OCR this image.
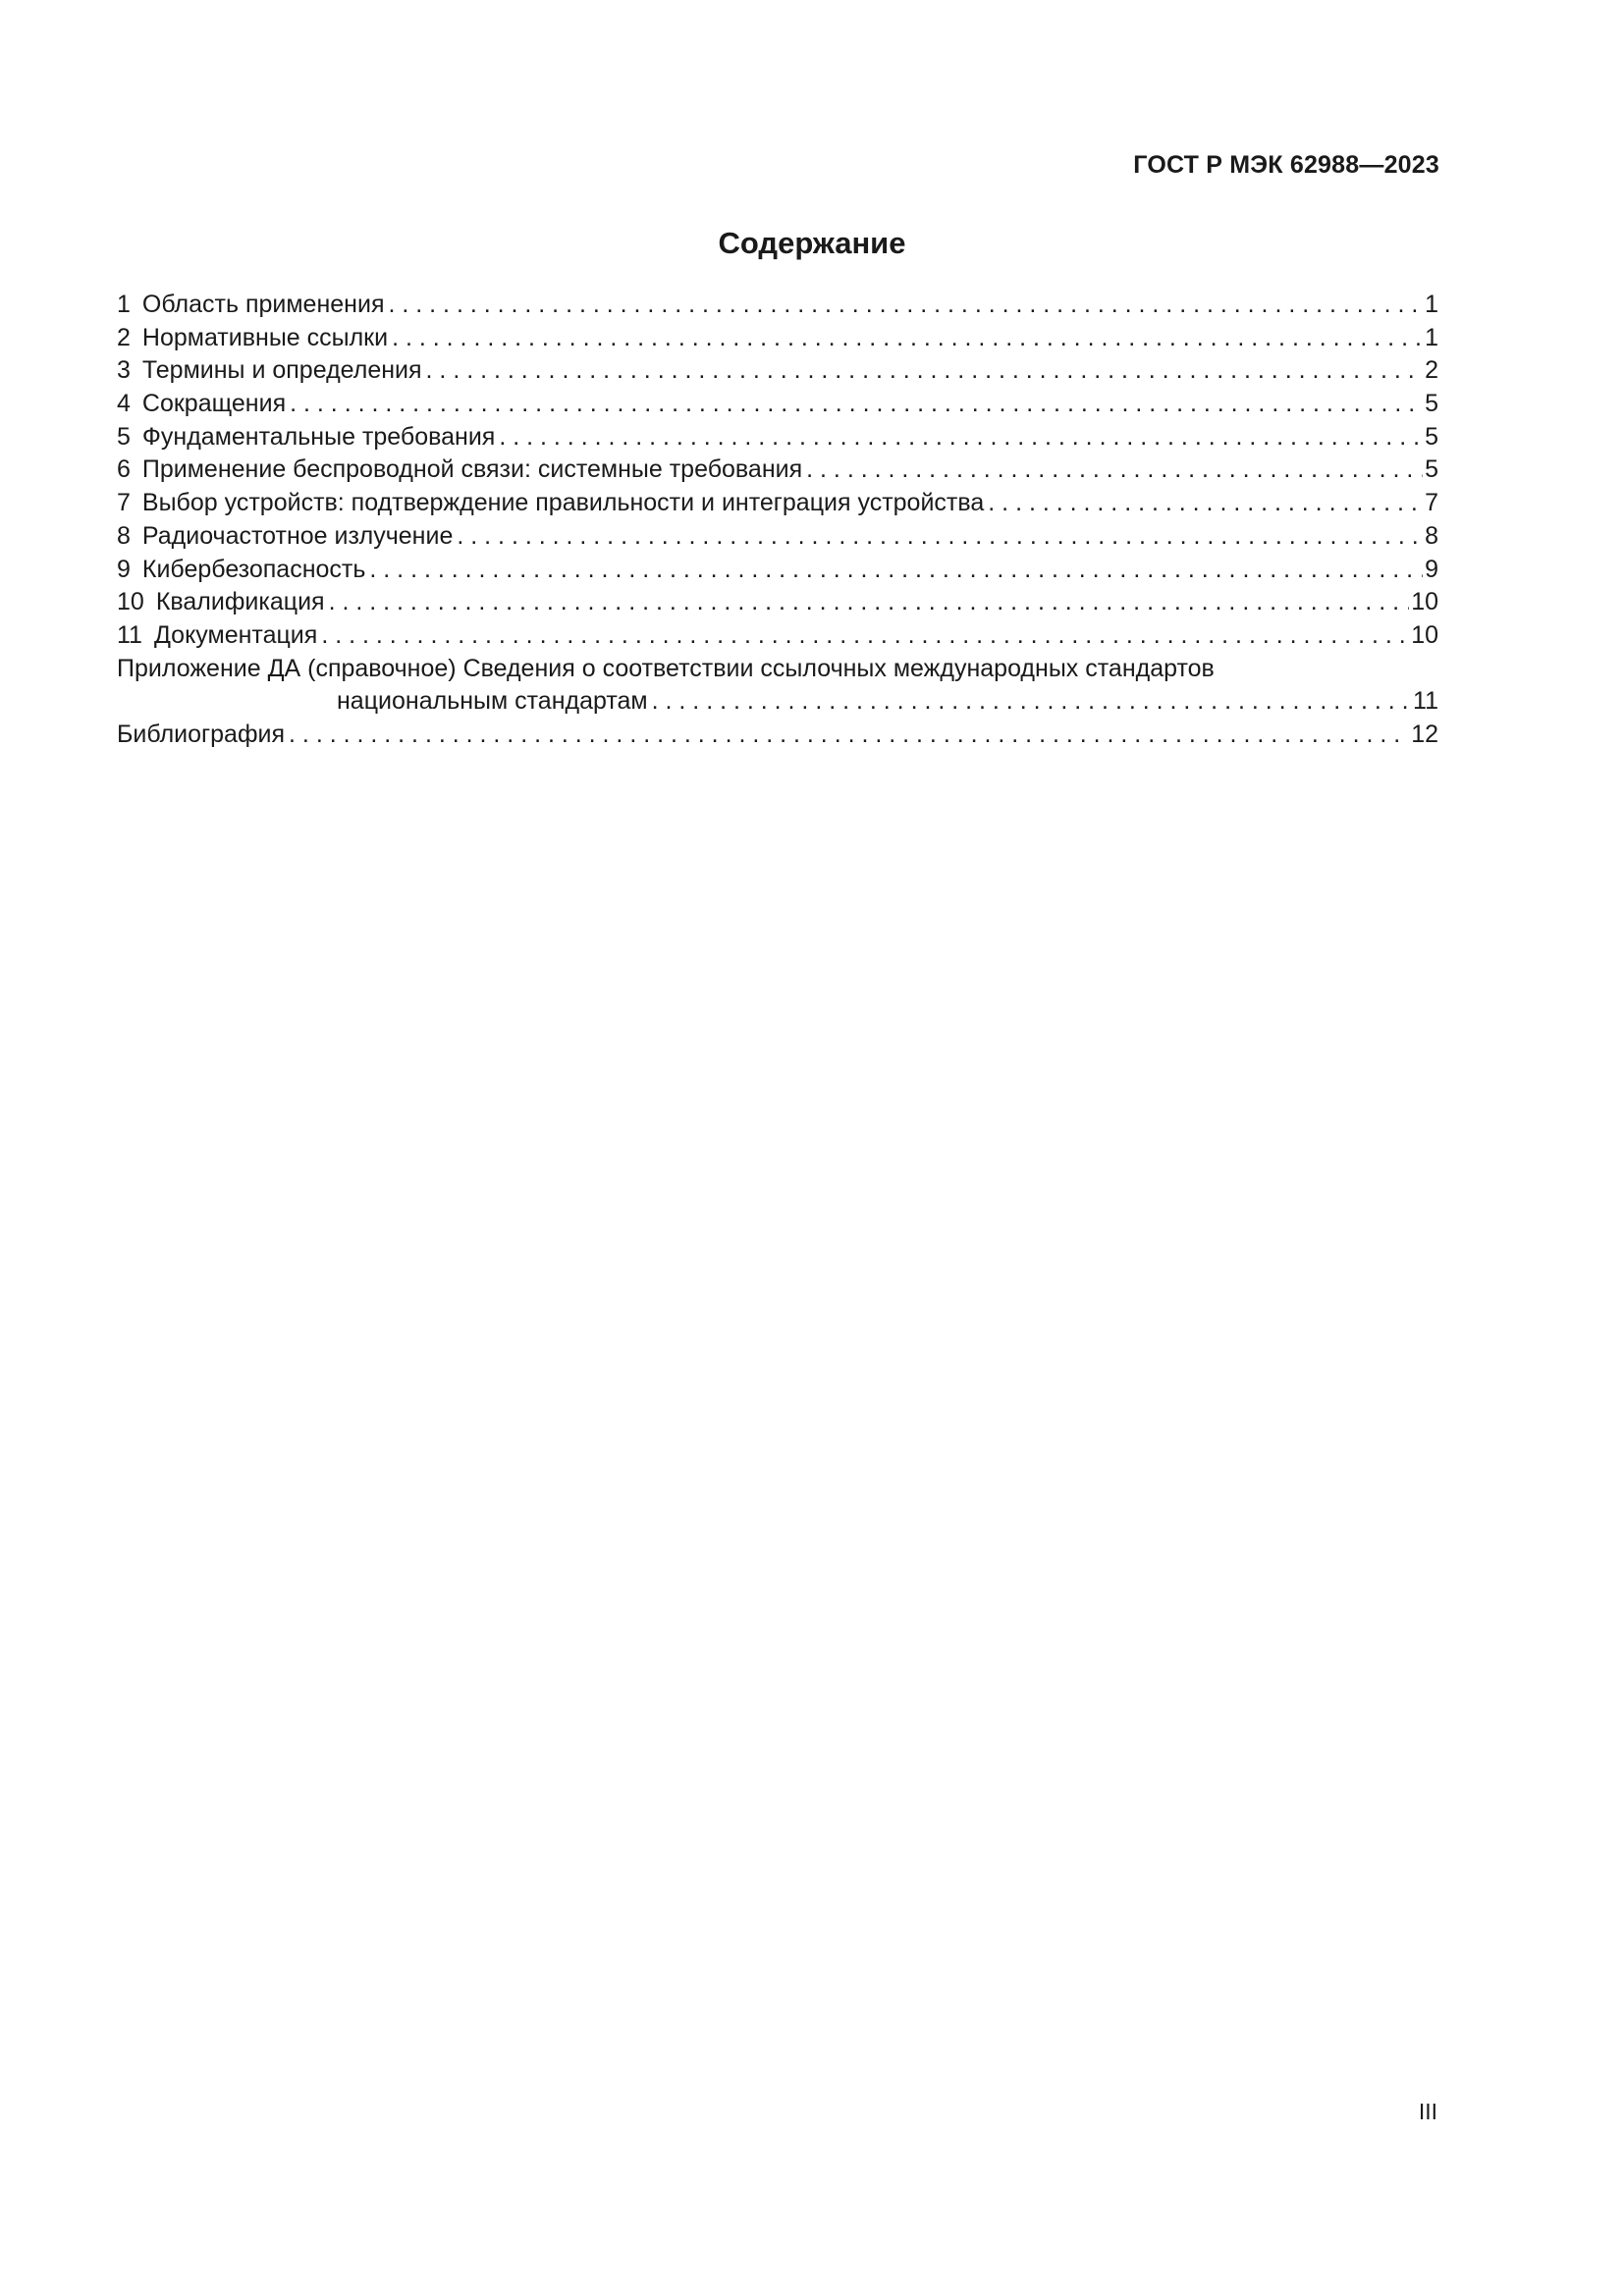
ГОСТ Р МЭК 62988—2023
Содержание
1 Область применения . . .	1
2 Нормативные ссылки . . .	1
3 Термины и определения . . .	2
4 Сокращения . . .	5
5 Фундаментальные требования . . .	5
6 Применение беспроводной связи: системные требования . . .	5
7 Выбор устройств: подтверждение правильности и интеграция устройства . . .	7
8 Радиочастотное излучение . . .	8
9 Кибербезопасность . . .	9
10 Квалификация . . .	10
11 Документация . . .	10
Приложение ДА (справочное) Сведения о соответствии ссылочных международных стандартов
национальным стандартам . . .	11
Библиография . . .	12
III
